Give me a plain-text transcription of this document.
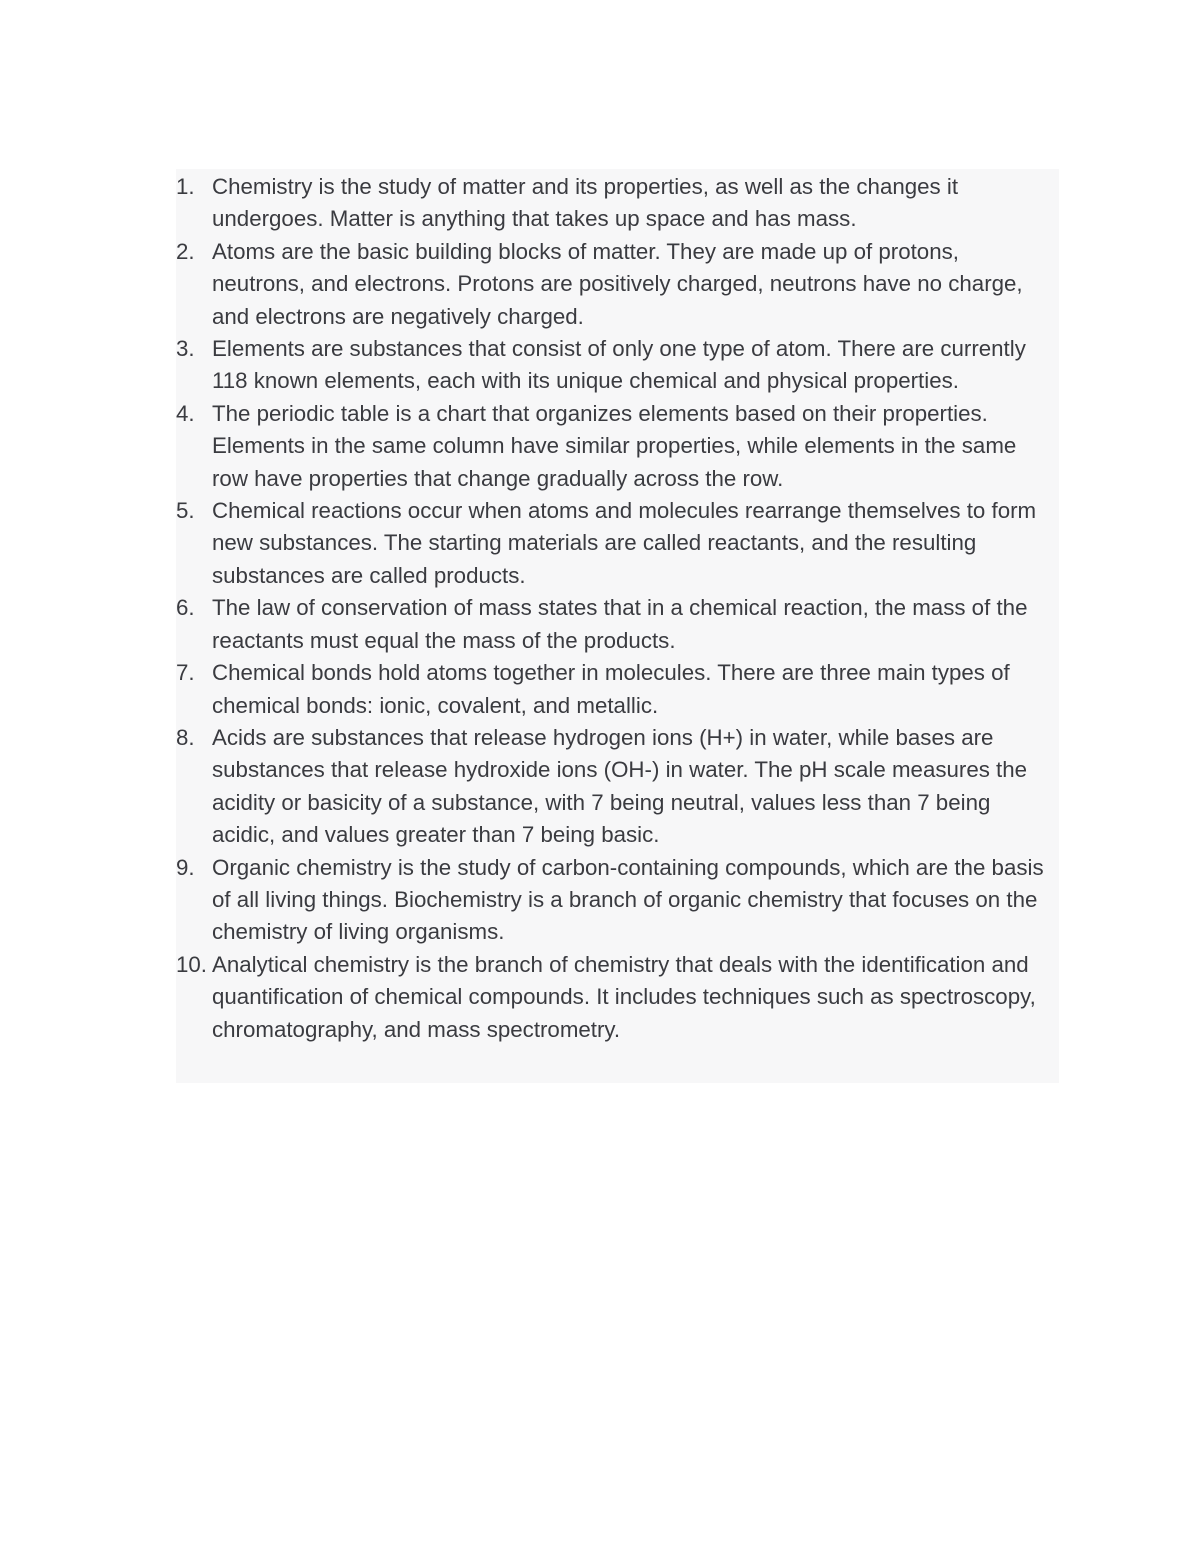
1. Chemistry is the study of matter and its properties, as well as the changes it undergoes. Matter is anything that takes up space and has mass.
2. Atoms are the basic building blocks of matter. They are made up of protons, neutrons, and electrons. Protons are positively charged, neutrons have no charge, and electrons are negatively charged.
3. Elements are substances that consist of only one type of atom. There are currently 118 known elements, each with its unique chemical and physical properties.
4. The periodic table is a chart that organizes elements based on their properties. Elements in the same column have similar properties, while elements in the same row have properties that change gradually across the row.
5. Chemical reactions occur when atoms and molecules rearrange themselves to form new substances. The starting materials are called reactants, and the resulting substances are called products.
6. The law of conservation of mass states that in a chemical reaction, the mass of the reactants must equal the mass of the products.
7. Chemical bonds hold atoms together in molecules. There are three main types of chemical bonds: ionic, covalent, and metallic.
8. Acids are substances that release hydrogen ions (H+) in water, while bases are substances that release hydroxide ions (OH-) in water. The pH scale measures the acidity or basicity of a substance, with 7 being neutral, values less than 7 being acidic, and values greater than 7 being basic.
9. Organic chemistry is the study of carbon-containing compounds, which are the basis of all living things. Biochemistry is a branch of organic chemistry that focuses on the chemistry of living organisms.
10. Analytical chemistry is the branch of chemistry that deals with the identification and quantification of chemical compounds. It includes techniques such as spectroscopy, chromatography, and mass spectrometry.
